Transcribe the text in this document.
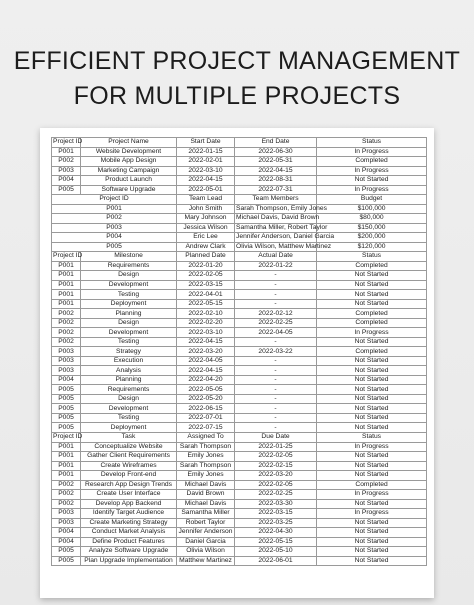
EFFICIENT PROJECT MANAGEMENT
FOR MULTIPLE PROJECTS
Project ID	Project Name	Start Date	End Date	Status
P001	Website Development	2022-01-15	2022-06-30	In Progress
P002	Mobile App Design	2022-02-01	2022-05-31	Completed
P003	Marketing Campaign	2022-03-10	2022-04-15	In Progress
P004	Product Launch	2022-04-15	2022-08-31	Not Started
P005	Software Upgrade	2022-05-01	2022-07-31	In Progress
Project ID		Team Lead	Team Members	Budget
P001		John Smith	Sarah Thompson, Emily Jones	$100,000
P002		Mary Johnson	Michael Davis, David Brown	$80,000
P003		Jessica Wilson	Samantha Miller, Robert Taylor	$150,000
P004		Eric Lee	Jennifer Anderson, Daniel Garcia	$200,000
P005		Andrew Clark	Olivia Wilson, Matthew Martinez	$120,000
Project ID	Milestone	Planned Date	Actual Date	Status
P001	Requirements	2022-01-20	2022-01-22	Completed
P001	Design	2022-02-05	-	Not Started
P001	Development	2022-03-15	-	Not Started
P001	Testing	2022-04-01	-	Not Started
P001	Deployment	2022-05-15	-	Not Started
P002	Planning	2022-02-10	2022-02-12	Completed
P002	Design	2022-02-20	2022-02-25	Completed
P002	Development	2022-03-10	2022-04-05	In Progress
P002	Testing	2022-04-15	-	Not Started
P003	Strategy	2022-03-20	2022-03-22	Completed
P003	Execution	2022-04-05	-	Not Started
P003	Analysis	2022-04-15	-	Not Started
P004	Planning	2022-04-20	-	Not Started
P005	Requirements	2022-05-05	-	Not Started
P005	Design	2022-05-20	-	Not Started
P005	Development	2022-06-15	-	Not Started
P005	Testing	2022-07-01	-	Not Started
P005	Deployment	2022-07-15	-	Not Started
Project ID	Task	Assigned To	Due Date	Status
P001	Conceptualize Website	Sarah Thompson	2022-01-25	In Progress
P001	Gather Client Requirements	Emily Jones	2022-02-05	Not Started
P001	Create Wireframes	Sarah Thompson	2022-02-15	Not Started
P001	Develop Front-end	Emily Jones	2022-03-20	Not Started
P002	Research App Design Trends	Michael Davis	2022-02-05	Completed
P002	Create User Interface	David Brown	2022-02-25	In Progress
P002	Develop App Backend	Michael Davis	2022-03-30	Not Started
P003	Identify Target Audience	Samantha Miller	2022-03-15	In Progress
P003	Create Marketing Strategy	Robert Taylor	2022-03-25	Not Started
P004	Conduct Market Analysis	Jennifer Anderson	2022-04-30	Not Started
P004	Define Product Features	Daniel Garcia	2022-05-15	Not Started
P005	Analyze Software Upgrade	Olivia Wilson	2022-05-10	Not Started
P005	Plan Upgrade Implementation	Matthew Martinez	2022-06-01	Not Started
